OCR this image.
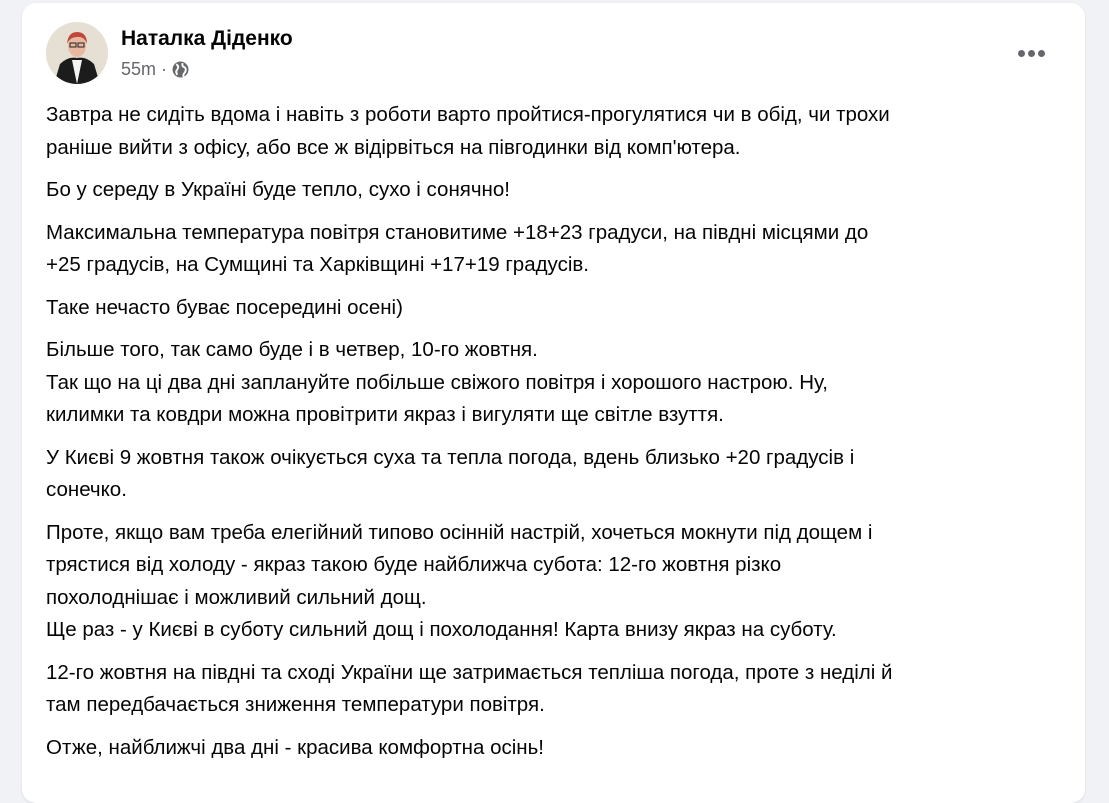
Наталка Діденко
55m ·

Завтра не сидіть вдома і навіть з роботи варто пройтися-прогулятися чи в обід, чи трохи
раніше вийти з офісу, або все ж відірвіться на півгодинки від комп'ютера.

Бо у середу в Україні буде тепло, сухо і сонячно!

Максимальна температура повітря становитиме +18+23 градуси, на півдні місцями до
+25 градусів, на Сумщині та Харківщині +17+19 градусів.

Таке нечасто буває посередині осені)

Більше того, так само буде і в четвер, 10-го жовтня.
Так що на ці два дні заплануйте побільше свіжого повітря і хорошого настрою. Ну,
килимки та ковдри можна провітрити якраз і вигуляти ще світле взуття.

У Києві 9 жовтня також очікується суха та тепла погода, вдень близько +20 градусів і
сонечко.

Проте, якщо вам треба елегійний типово осінній настрій, хочеться мокнути під дощем і
трястися від холоду - якраз такою буде найближча субота: 12-го жовтня різко
похолоднішає і можливий сильний дощ.
Ще раз - у Києві в суботу сильний дощ і похолодання! Карта внизу якраз на суботу.

12-го жовтня на півдні та сході України ще затримається тепліша погода, проте з неділі й
там передбачається зниження температури повітря.

Отже, найближчі два дні - красива комфортна осінь!
